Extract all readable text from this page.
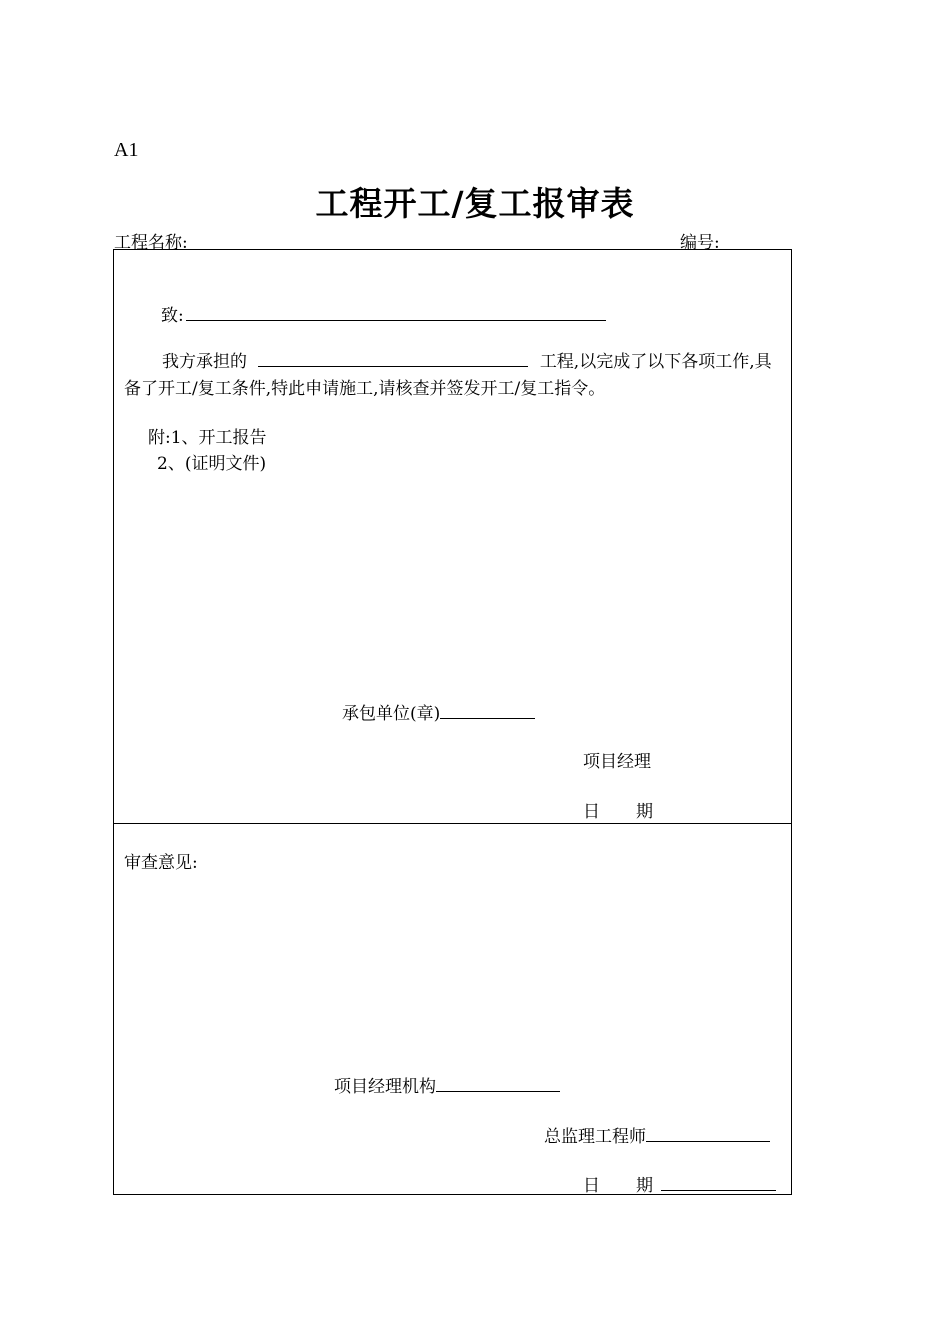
A1
工程开工/复工报审表
工程名称:	编号:
致:
我方承担的	工程,以完成了以下各项工作,具备了开工/复工条件,特此申请施工,请核查并签发开工/复工指令。
附:1、开工报告
2、(证明文件)
承包单位(章)
项目经理
日 期
审查意见:
项目经理机构
总监理工程师
日 期
